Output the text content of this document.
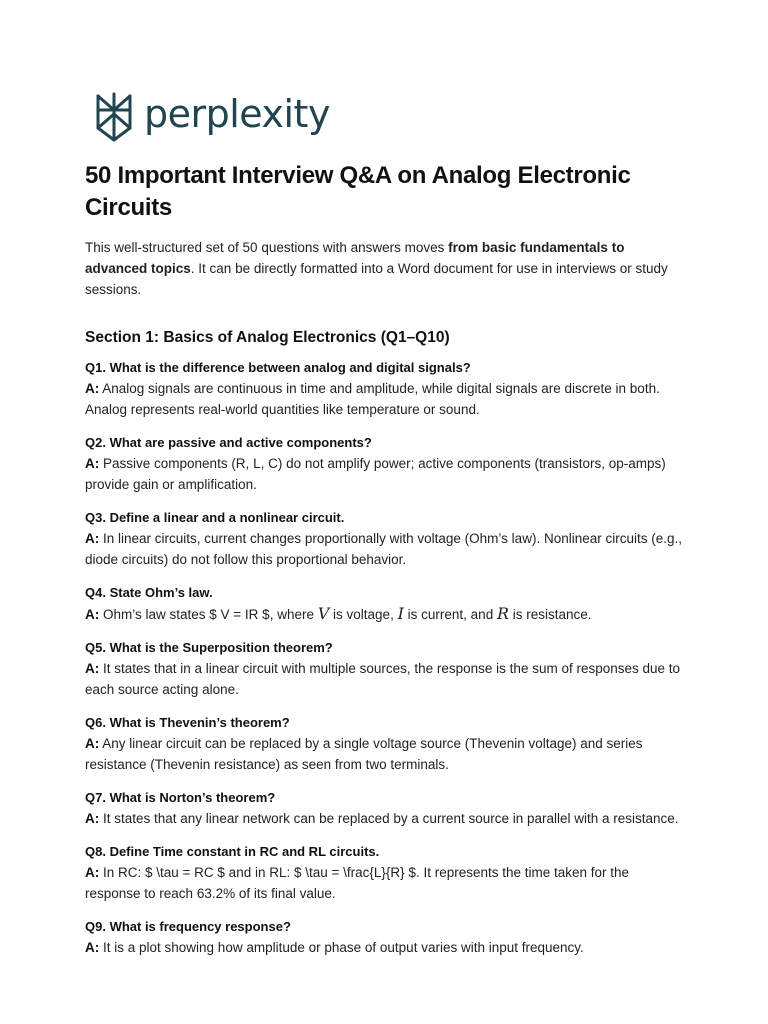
perplexity
50 Important Interview Q&A on Analog Electronic Circuits

This well-structured set of 50 questions with answers moves from basic fundamentals to advanced topics. It can be directly formatted into a Word document for use in interviews or study sessions.

Section 1: Basics of Analog Electronics (Q1–Q10)
Q1. What is the difference between analog and digital signals?
A: Analog signals are continuous in time and amplitude, while digital signals are discrete in both. Analog represents real-world quantities like temperature or sound.
Q2. What are passive and active components?
A: Passive components (R, L, C) do not amplify power; active components (transistors, op-amps) provide gain or amplification.
Q3. Define a linear and a nonlinear circuit.
A: In linear circuits, current changes proportionally with voltage (Ohm’s law). Nonlinear circuits (e.g., diode circuits) do not follow this proportional behavior.
Q4. State Ohm’s law.
A: Ohm’s law states $ V = IR $, where V is voltage, I is current, and R is resistance.
Q5. What is the Superposition theorem?
A: It states that in a linear circuit with multiple sources, the response is the sum of responses due to each source acting alone.
Q6. What is Thevenin’s theorem?
A: Any linear circuit can be replaced by a single voltage source (Thevenin voltage) and series resistance (Thevenin resistance) as seen from two terminals.
Q7. What is Norton’s theorem?
A: It states that any linear network can be replaced by a current source in parallel with a resistance.
Q8. Define Time constant in RC and RL circuits.
A: In RC: $ \tau = RC $ and in RL: $ \tau = \frac{L}{R} $. It represents the time taken for the response to reach 63.2% of its final value.
Q9. What is frequency response?
A: It is a plot showing how amplitude or phase of output varies with input frequency.
